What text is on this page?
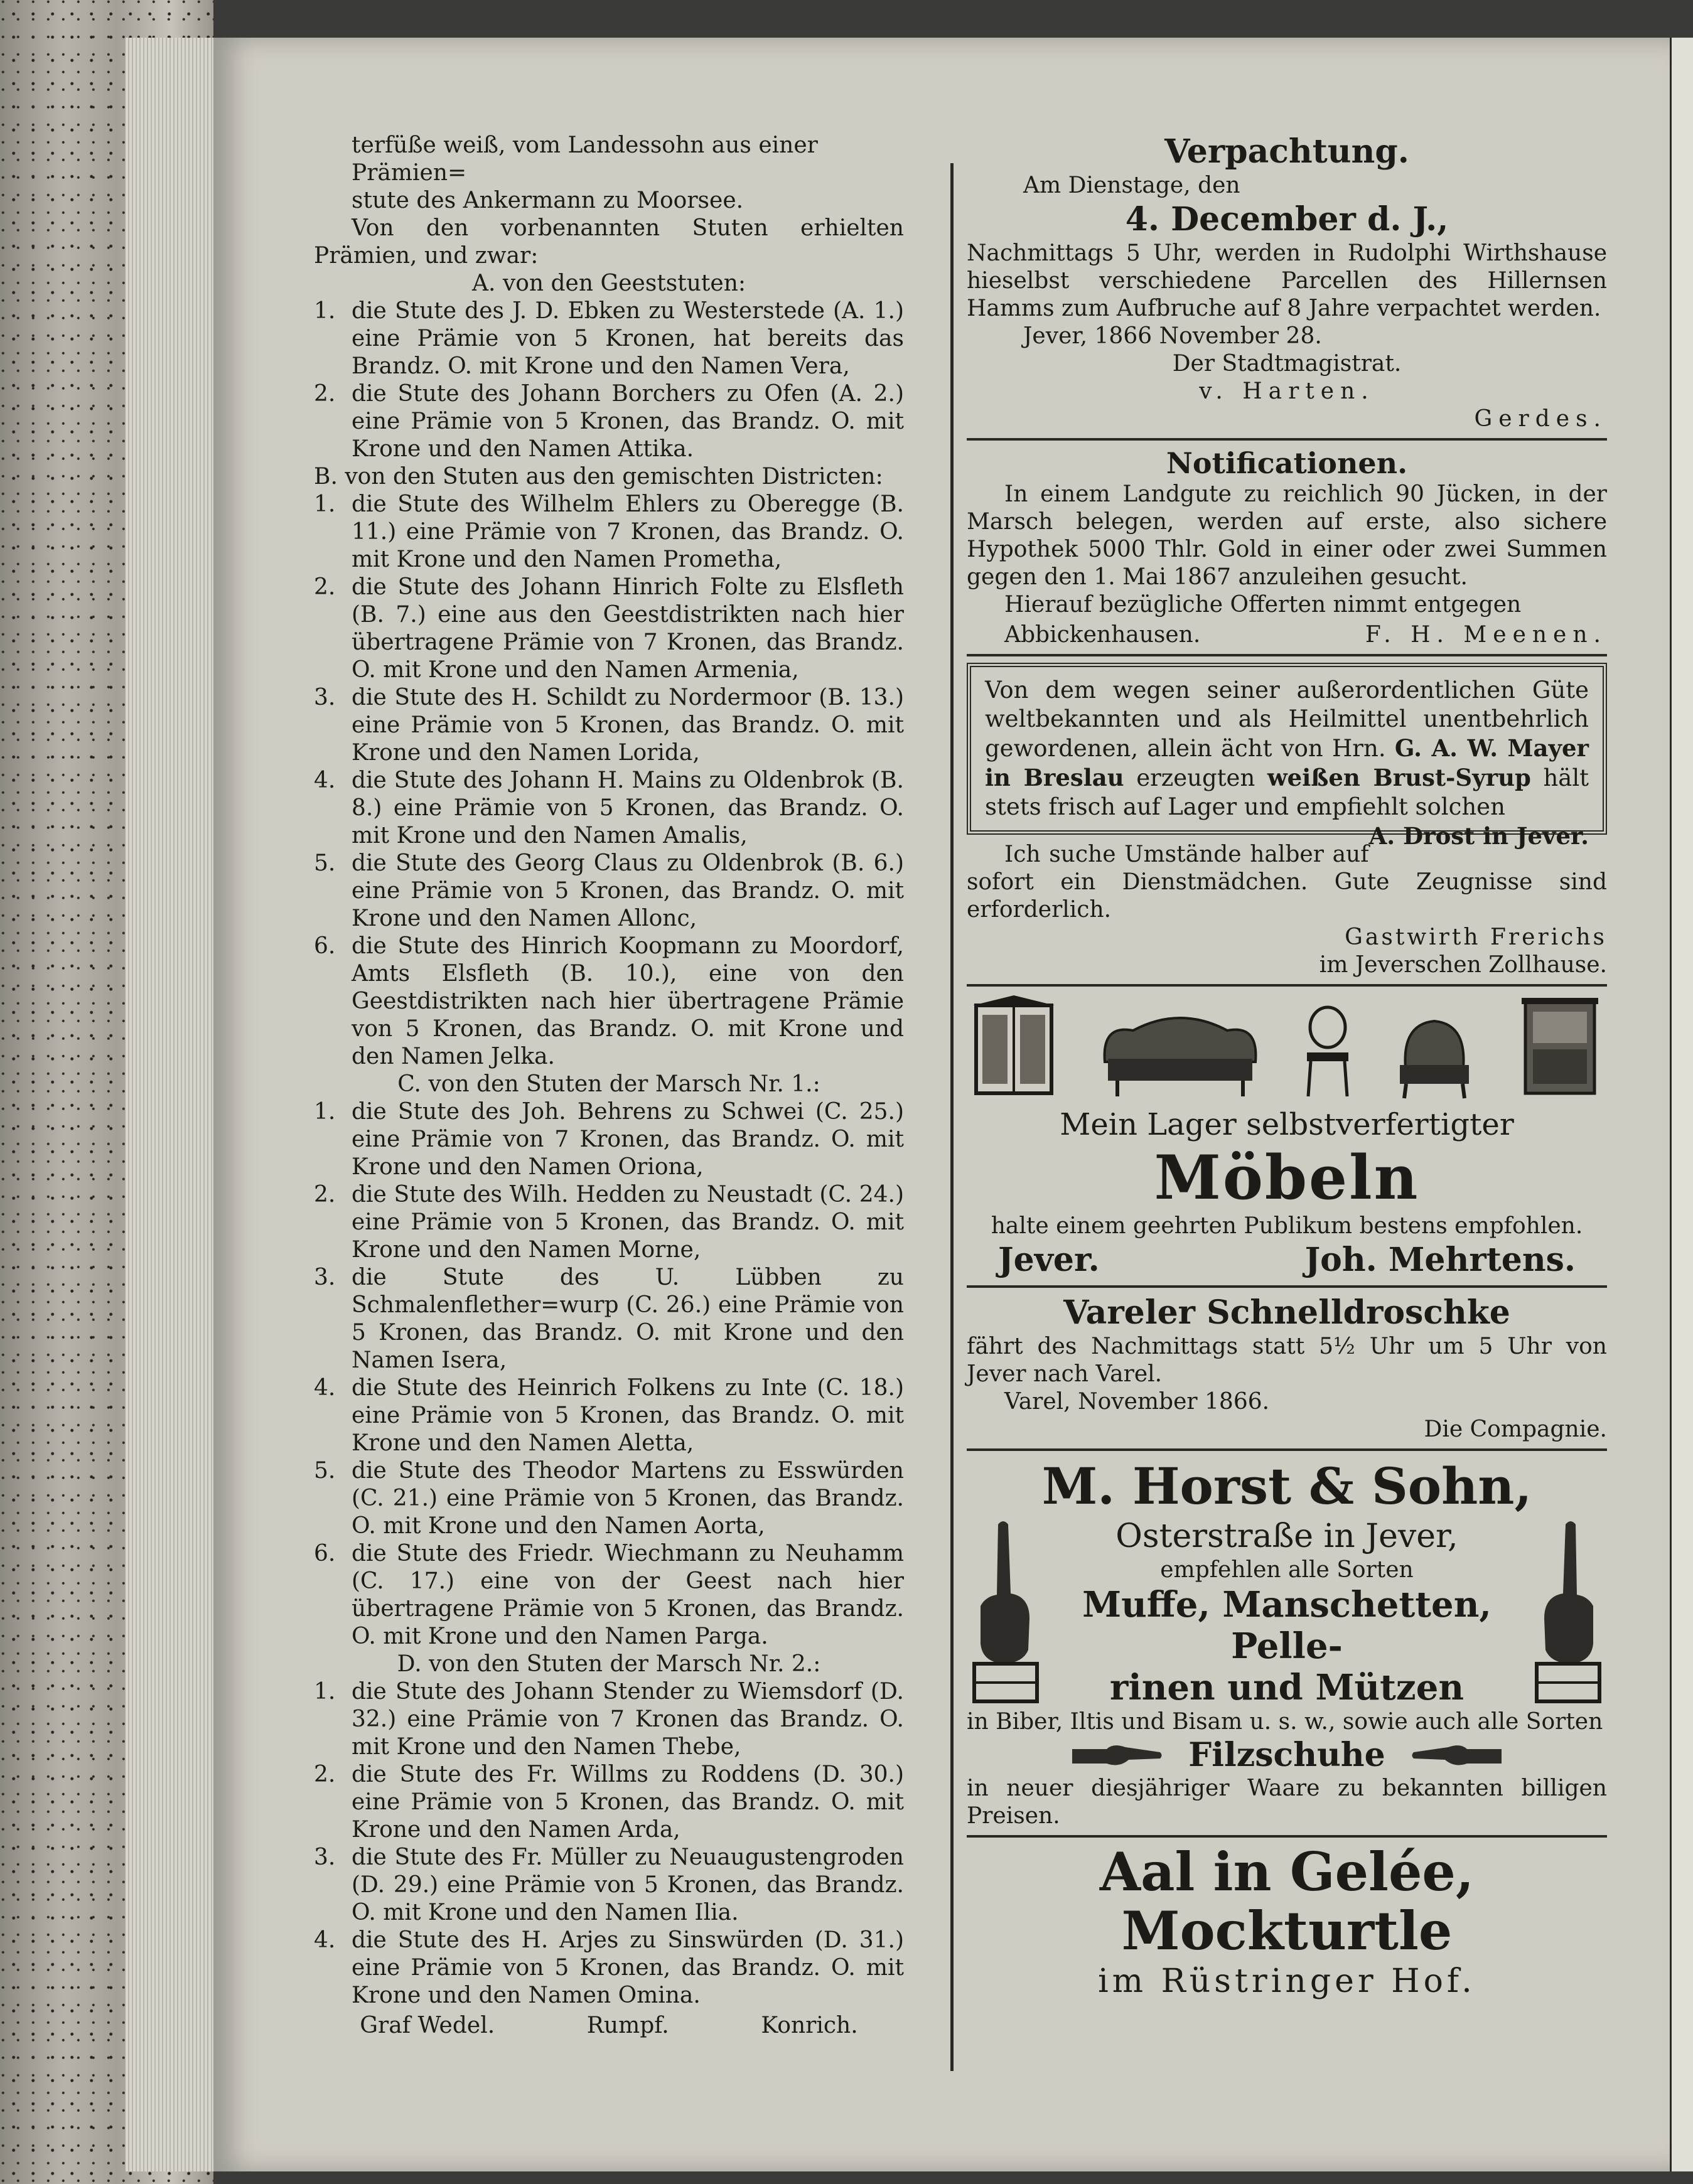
terfüße weiß, vom Landessohn aus einer Prämien=

stute des Ankermann zu Moorsee.

Von den vorbenannten Stuten erhielten Prämien, und zwar:

A. von den Geeststuten:

1. die Stute des J. D. Ebken zu Westerstede (A. 1.) eine Prämie von 5 Kronen, hat bereits das Brandz. O. mit Krone und den Namen Vera,
2. die Stute des Johann Borchers zu Ofen (A. 2.) eine Prämie von 5 Kronen, das Brandz. O. mit Krone und den Namen Attika.

B. von den Stuten aus den gemischten Districten:

1. die Stute des Wilhelm Ehlers zu Oberegge (B. 11.) eine Prämie von 7 Kronen, das Brandz. O. mit Krone und den Namen Prometha,
2. die Stute des Johann Hinrich Folte zu Elsfleth (B. 7.) eine aus den Geestdistrikten nach hier übertragene Prämie von 7 Kronen, das Brandz. O. mit Krone und den Namen Armenia,
3. die Stute des H. Schildt zu Nordermoor (B. 13.) eine Prämie von 5 Kronen, das Brandz. O. mit Krone und den Namen Lorida,
4. die Stute des Johann H. Mains zu Oldenbrok (B. 8.) eine Prämie von 5 Kronen, das Brandz. O. mit Krone und den Namen Amalis,
5. die Stute des Georg Claus zu Oldenbrok (B. 6.) eine Prämie von 5 Kronen, das Brandz. O. mit Krone und den Namen Allonc,
6. die Stute des Hinrich Koopmann zu Moordorf, Amts Elsfleth (B. 10.), eine von den Geestdistrikten nach hier übertragene Prämie von 5 Kronen, das Brandz. O. mit Krone und den Namen Jelka.

C. von den Stuten der Marsch Nr. 1.:

1. die Stute des Joh. Behrens zu Schwei (C. 25.) eine Prämie von 7 Kronen, das Brandz. O. mit Krone und den Namen Oriona,
2. die Stute des Wilh. Hedden zu Neustadt (C. 24.) eine Prämie von 5 Kronen, das Brandz. O. mit Krone und den Namen Morne,
3. die Stute des U. Lübben zu Schmalenflether=wurp (C. 26.) eine Prämie von 5 Kronen, das Brandz. O. mit Krone und den Namen Isera,
4. die Stute des Heinrich Folkens zu Inte (C. 18.) eine Prämie von 5 Kronen, das Brandz. O. mit Krone und den Namen Aletta,
5. die Stute des Theodor Martens zu Esswürden (C. 21.) eine Prämie von 5 Kronen, das Brandz. O. mit Krone und den Namen Aorta,
6. die Stute des Friedr. Wiechmann zu Neuhamm (C. 17.) eine von der Geest nach hier übertragene Prämie von 5 Kronen, das Brandz. O. mit Krone und den Namen Parga.

D. von den Stuten der Marsch Nr. 2.:

1. die Stute des Johann Stender zu Wiemsdorf (D. 32.) eine Prämie von 7 Kronen das Brandz. O. mit Krone und den Namen Thebe,
2. die Stute des Fr. Willms zu Roddens (D. 30.) eine Prämie von 5 Kronen, das Brandz. O. mit Krone und den Namen Arda,
3. die Stute des Fr. Müller zu Neuaugustengroden (D. 29.) eine Prämie von 5 Kronen, das Brandz. O. mit Krone und den Namen Ilia.
4. die Stute des H. Arjes zu Sinswürden (D. 31.) eine Prämie von 5 Kronen, das Brandz. O. mit Krone und den Namen Omina.
Graf Wedel.	Rumpf.	Konrich.

Verpachtung.

Am Dienstage, den

4. December d. J.,

Nachmittags 5 Uhr, werden in Rudolphi Wirthshause hieselbst verschiedene Parcellen des Hillernsen Hamms zum Aufbruche auf 8 Jahre verpachtet werden.

Jever, 1866 November 28.

Der Stadtmagistrat.

v. Harten.

Gerdes.

Notificationen.

In einem Landgute zu reichlich 90 Jücken, in der Marsch belegen, werden auf erste, also sichere Hypothek 5000 Thlr. Gold in einer oder zwei Summen gegen den 1. Mai 1867 anzuleihen gesucht.

Hierauf bezügliche Offerten nimmt entgegen

Abbickenhausen.	F. H. Meenen.
Von dem wegen seiner außerordentlichen Güte weltbekannten und als Heilmittel unentbehrlich gewordenen, allein ächt von Hrn. G. A. W. Mayer in Breslau erzeugten weißen Brust-Syrup hält stets frisch auf Lager und empfiehlt solchen
A. Drost in Jever.

Ich suche Umstände halber auf sofort ein Dienstmädchen. Gute Zeugnisse sind erforderlich.

Gastwirth Frerichs

im Jeverschen Zollhause.

Mein Lager selbstverfertigter

Möbeln

halte einem geehrten Publikum bestens empfohlen.

Jever.	Joh. Mehrtens.

Vareler Schnelldroschke

fährt des Nachmittags statt 5½ Uhr um 5 Uhr von Jever nach Varel.

Varel, November 1866.

Die Compagnie.

M. Horst & Sohn,

Osterstraße in Jever,

empfehlen alle Sorten

Muffe, Manschetten, Pelle-

rinen und Mützen

in Biber, Iltis und Bisam u. s. w., sowie auch alle Sorten

Filzschuhe

in neuer diesjähriger Waare zu bekannten billigen Preisen.

Aal in Gelée,

Mockturtle

im Rüstringer Hof.
